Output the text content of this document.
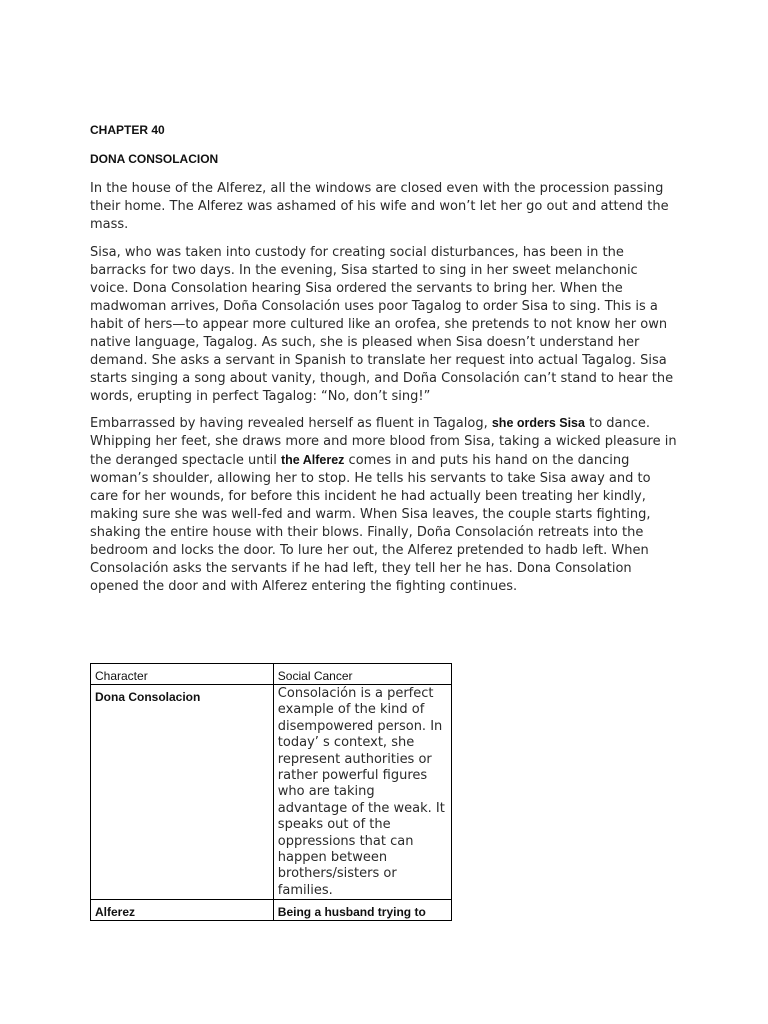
CHAPTER 40

DONA CONSOLACION

In the house of the Alferez, all the windows are closed even with the procession passing their home. The Alferez was ashamed of his wife and won’t let her go out and attend the mass.

Sisa, who was taken into custody for creating social disturbances, has been in the barracks for two days. In the evening, Sisa started to sing in her sweet melanchonic voice. Dona Consolation hearing Sisa ordered the servants to bring her. When the madwoman arrives, Doña Consolación uses poor Tagalog to order Sisa to sing. This is a habit of hers—to appear more cultured like an orofea, she pretends to not know her own native language, Tagalog. As such, she is pleased when Sisa doesn’t understand her demand. She asks a servant in Spanish to translate her request into actual Tagalog. Sisa starts singing a song about vanity, though, and Doña Consolación can’t stand to hear the words, erupting in perfect Tagalog: “No, don’t sing!”

Embarrassed by having revealed herself as fluent in Tagalog, she orders Sisa to dance. Whipping her feet, she draws more and more blood from Sisa, taking a wicked pleasure in the deranged spectacle until the Alferez comes in and puts his hand on the dancing woman’s shoulder, allowing her to stop. He tells his servants to take Sisa away and to care for her wounds, for before this incident he had actually been treating her kindly, making sure she was well-fed and warm. When Sisa leaves, the couple starts fighting, shaking the entire house with their blows. Finally, Doña Consolación retreats into the bedroom and locks the door. To lure her out, the Alferez pretended to hadb left. When Consolación asks the servants if he had left, they tell her he has. Dona Consolation opened the door and with Alferez entering the fighting continues.

Character	Social Cancer
Dona Consolacion	Consolación is a perfect example of the kind of disempowered person. In today’ s context, she represent authorities or rather powerful figures who are taking advantage of the weak. It speaks out of the oppressions that can happen between brothers/sisters or families.

Alferez	Being a husband trying to
